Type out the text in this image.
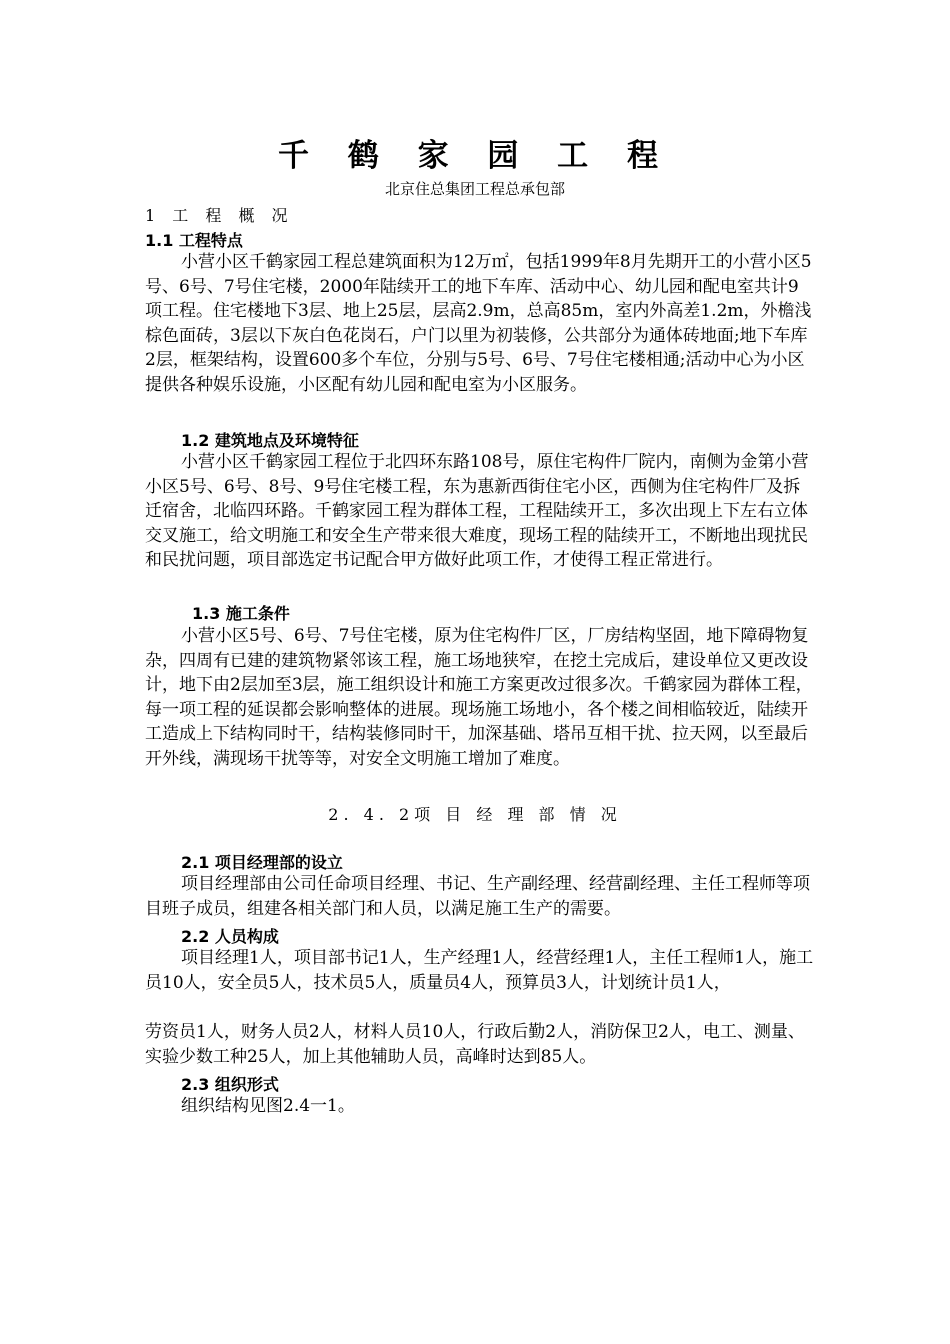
千 鹤 家 园 工 程
北京住总集团工程总承包部
1 工 程 概 况
1.1 工程特点
小营小区千鹤家园工程总建筑面积为12万㎡，包括1999年8月先期开工的小营小区5号、6号、7号住宅楼，2000年陆续开工的地下车库、活动中心、幼儿园和配电室共计9项工程。住宅楼地下3层、地上25层，层高2.9m，总高85m，室内外高差1.2m，外檐浅棕色面砖，3层以下灰白色花岗石，户门以里为初装修，公共部分为通体砖地面;地下车库2层，框架结构，设置600多个车位，分别与5号、6号、7号住宅楼相通;活动中心为小区提供各种娱乐设施，小区配有幼儿园和配电室为小区服务。
1.2 建筑地点及环境特征
小营小区千鹤家园工程位于北四环东路108号，原住宅构件厂院内，南侧为金第小营小区5号、6号、8号、9号住宅楼工程，东为惠新西街住宅小区，西侧为住宅构件厂及拆迁宿舍，北临四环路。千鹤家园工程为群体工程，工程陆续开工，多次出现上下左右立体交叉施工，给文明施工和安全生产带来很大难度，现场工程的陆续开工，不断地出现扰民和民扰问题，项目部选定书记配合甲方做好此项工作，才使得工程正常进行。
1.3 施工条件
小营小区5号、6号、7号住宅楼，原为住宅构件厂区，厂房结构坚固，地下障碍物复杂，四周有已建的建筑物紧邻该工程，施工场地狭窄，在挖土完成后，建设单位又更改设计，地下由2层加至3层，施工组织设计和施工方案更改过很多次。千鹤家园为群体工程，每一项工程的延误都会影响整体的进展。现场施工场地小，各个楼之间相临较近，陆续开工造成上下结构同时干，结构装修同时干，加深基础、塔吊互相干扰、拉天网，以至最后开外线，满现场干扰等等，对安全文明施工增加了难度。
2. 4. 2项 目 经 理 部 情 况
2.1 项目经理部的设立
项目经理部由公司任命项目经理、书记、生产副经理、经营副经理、主任工程师等项目班子成员，组建各相关部门和人员，以满足施工生产的需要。
2.2 人员构成
项目经理1人，项目部书记1人，生产经理1人，经营经理1人，主任工程师1人，施工员10人，安全员5人，技术员5人，质量员4人，预算员3人，计划统计员1人，
劳资员1人，财务人员2人，材料人员10人，行政后勤2人，消防保卫2人，电工、测量、实验少数工种25人，加上其他辅助人员，高峰时达到85人。
2.3 组织形式
组织结构见图2.4一1。
